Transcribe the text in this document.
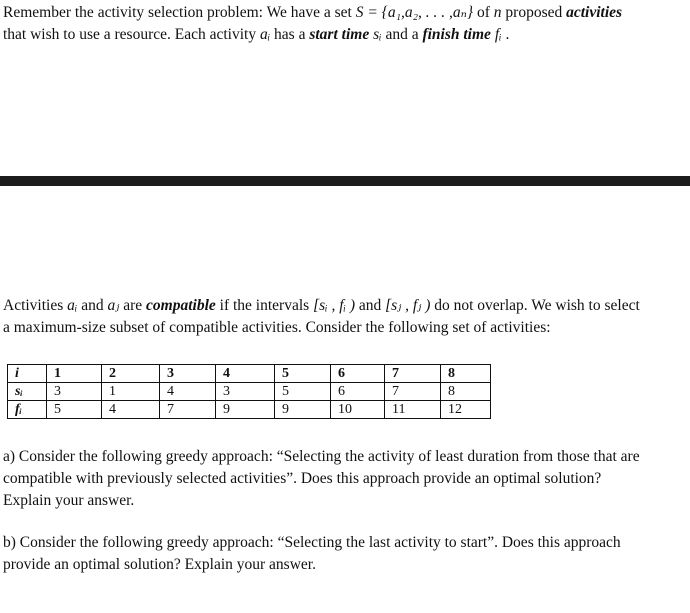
Remember the activity selection problem: We have a set S = {a₁,a₂, . . . ,aₙ} of n proposed activities
that wish to use a resource. Each activity aᵢ has a start time sᵢ and a finish time fᵢ .
Activities aᵢ and aⱼ are compatible if the intervals [sᵢ , fᵢ ) and [sⱼ , fⱼ ) do not overlap. We wish to select
a maximum-size subset of compatible activities. Consider the following set of activities:
i	1	2	3	4	5	6	7	8
sᵢ	3	1	4	3	5	6	7	8
fᵢ	5	4	7	9	9	10	11	12
a) Consider the following greedy approach: “Selecting the activity of least duration from those that are
compatible with previously selected activities”. Does this approach provide an optimal solution?
Explain your answer.
b) Consider the following greedy approach: “Selecting the last activity to start”. Does this approach
provide an optimal solution? Explain your answer.
